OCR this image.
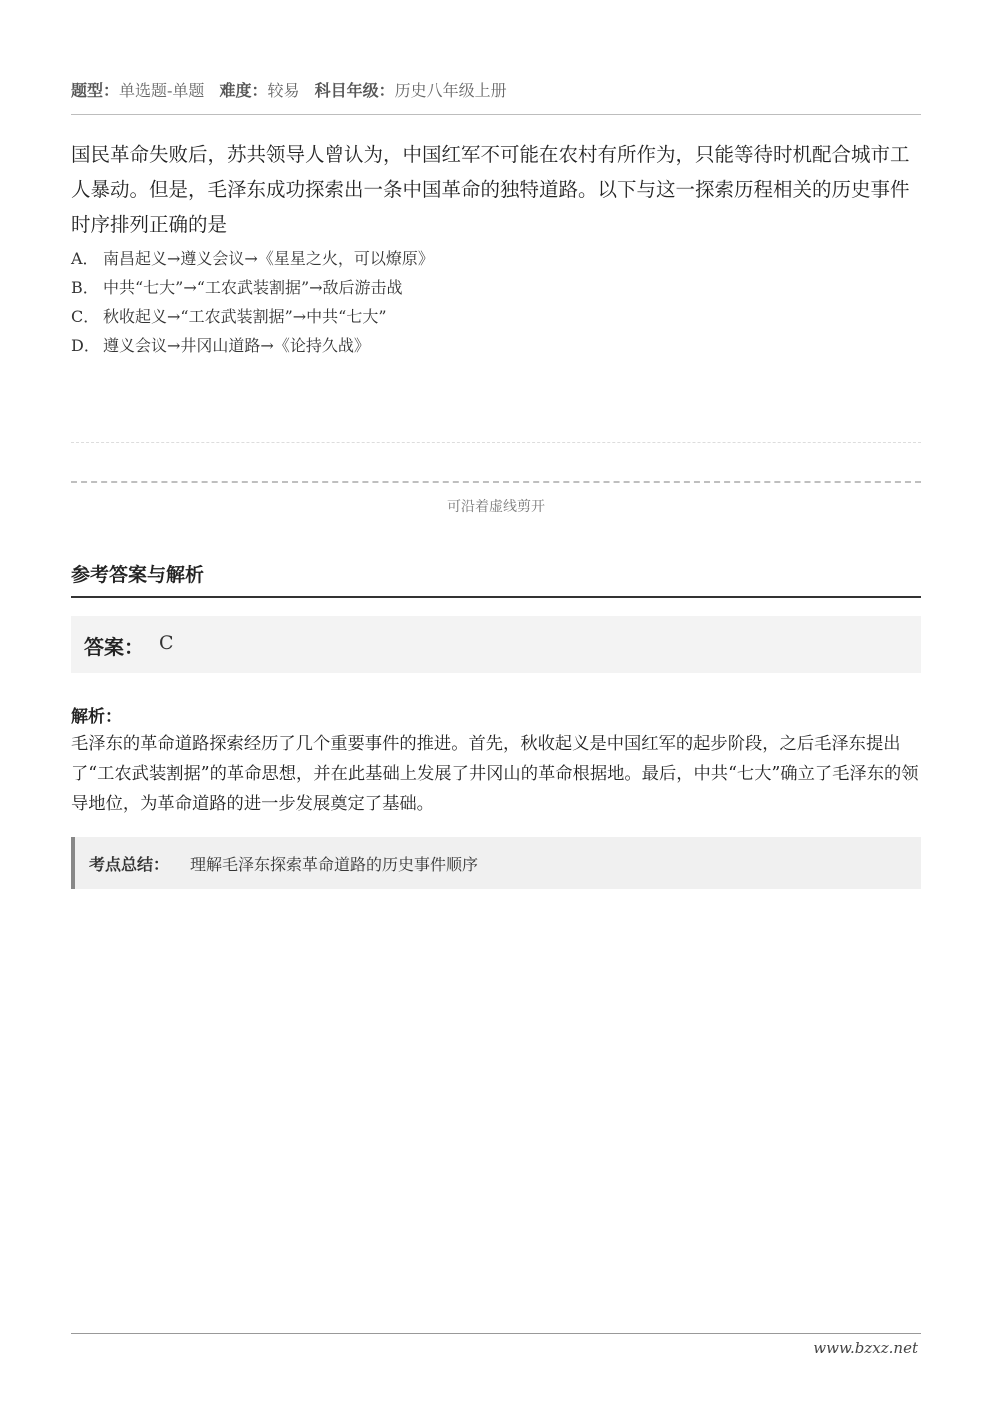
题型：单选题-单题 难度：较易 科目年级：历史八年级上册
国民革命失败后，苏共领导人曾认为，中国红军不可能在农村有所作为，只能等待时机配合城市工人暴动。但是，毛泽东成功探索出一条中国革命的独特道路。以下与这一探索历程相关的历史事件时序排列正确的是
A． 南昌起义→遵义会议→《星星之火，可以燎原》
B． 中共“七大”→“工农武装割据”→敌后游击战
C． 秋收起义→“工农武装割据”→中共“七大”
D． 遵义会议→井冈山道路→《论持久战》
可沿着虚线剪开
参考答案与解析
答案： C
解析：
毛泽东的革命道路探索经历了几个重要事件的推进。首先，秋收起义是中国红军的起步阶段，之后毛泽东提出了“工农武装割据”的革命思想，并在此基础上发展了井冈山的革命根据地。最后，中共“七大”确立了毛泽东的领导地位，为革命道路的进一步发展奠定了基础。
考点总结： 理解毛泽东探索革命道路的历史事件顺序
www.bzxz.net
